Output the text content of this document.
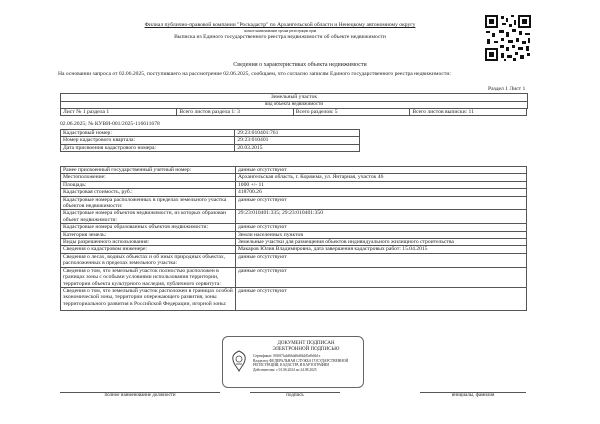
Филиал публично-правовой компании "Роскадастр" по Архангельской области и Ненецкому автономному округу
полное наименование органа регистрации прав
Выписка из Единого государственного реестра недвижимости об объекте недвижимости
Сведения о характеристиках объекта недвижимости
На основании запроса от 02.06.2025, поступившего на рассмотрение 02.06.2025, сообщаем, что согласно записям Единого государственного реестра недвижимости:
Раздел 1 Лист 1
Земельный участок
вид объекта недвижимости
Лист № 1 раздела 1	Всего листов раздела 1: 3	Всего разделов: 5	Всего листов выписки: 11
02.06.2025; № КУВИ-001/2025-116611678
Кадастровый номер:	29:23:010401:761
Номер кадастрового квартала:	29:23:010401
Дата присвоения кадастрового номера:	20.03.2015
Ранее присвоенный государственный учетный номер:	данные отсутствуют
Местоположение:	Архангельская область, г. Коряжма, ул. Янтарная, участок 46
Площадь:	1000 +/- 11
Кадастровая стоимость, руб.:	418700.26
Кадастровые номера расположенных в пределах земельного участка объектов недвижимости:	данные отсутствуют
Кадастровые номера объектов недвижимости, из которых образован объект недвижимости:	29:23:010401:335; 29:23:010401:350
Кадастровые номера образованных объектов недвижимости:	данные отсутствуют
Категория земель:	Земли населенных пунктов
Виды разрешенного использования:	Земельные участки для размещения объектов индивидуального жилищного строительства
Сведения о кадастровом инженере:	Макаров Юлия Владимировна, дата завершения кадастровых работ: 15.04.2015
Сведения о лесах, водных объектах и об иных природных объектах, расположенных в пределах земельного участка:	данные отсутствуют
Сведения о том, что земельный участок полностью расположен в границах зоны с особыми условиями использования территории, территории объекта культурного наследия, публичного сервитута:	данные отсутствуют
Сведения о том, что земельный участок расположен в границах особой экономической зоны, территории опережающего развития, зоны территориального развития в Российской Федерации, игорной зоны:	данные отсутствуют
ДОКУМЕНТ ПОДПИСАН
ЭЛЕКТРОННОЙ ПОДПИСЬЮ
Сертификат: 00f0f7fa4d6b4d6d6b2f0a8c6b1e
Владелец: ФЕДЕРАЛЬНАЯ СЛУЖБА ГОСУДАРСТВЕННОЙ РЕГИСТРАЦИИ, КАДАСТРА И КАРТОГРАФИИ
Действителен: с 01.06.2024 по 24.08.2025
полное наименование должности	подпись	инициалы, фамилия
